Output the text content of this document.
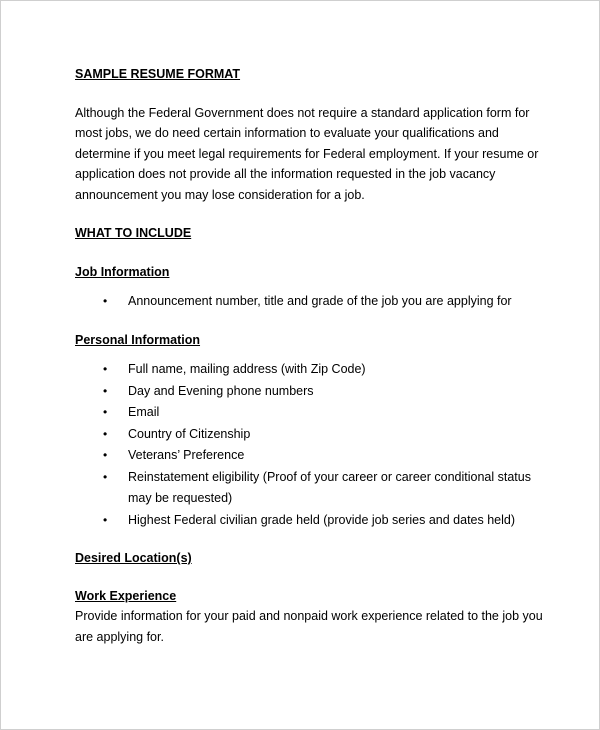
SAMPLE RESUME FORMAT

Although the Federal Government does not require a standard application form for most jobs, we do need certain information to evaluate your qualifications and determine if you meet legal requirements for Federal employment. If your resume or application does not provide all the information requested in the job vacancy announcement you may lose consideration for a job.

WHAT TO INCLUDE

Job Information

• Announcement number, title and grade of the job you are applying for

Personal Information

• Full name, mailing address (with Zip Code)
• Day and Evening phone numbers
• Email
• Country of Citizenship
• Veterans’ Preference
• Reinstatement eligibility (Proof of your career or career conditional status may be requested)
• Highest Federal civilian grade held (provide job series and dates held)

Desired Location(s)

Work Experience

Provide information for your paid and nonpaid work experience related to the job you are applying for.
